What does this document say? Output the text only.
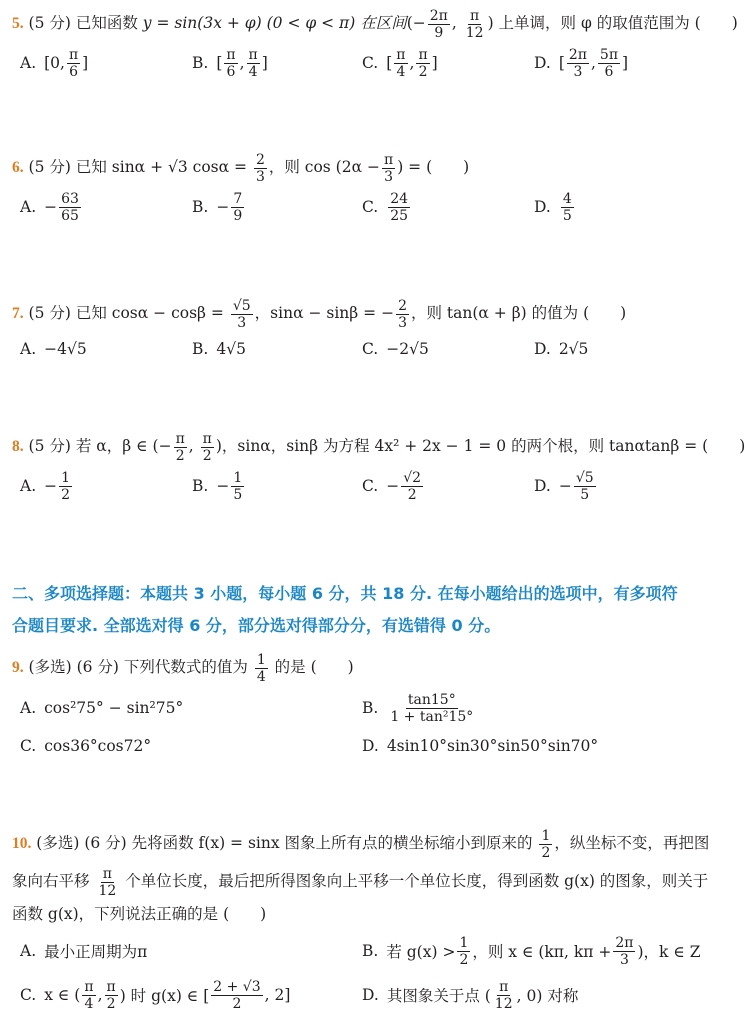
5. (5 分) 已知函数 y = sin(3x + φ) (0 < φ < π) 在区间(− $\frac{2\pi}{9}$ , $\frac{\pi}{12}$ ) 上单调，则 φ 的取值范围为 (　　)
A. [0, $\frac{\pi}{6}$ ]	B. [ $\frac{\pi}{6}$ , $\frac{\pi}{4}$ ]	C. [ $\frac{\pi}{4}$ , $\frac{\pi}{2}$ ]	D. [ $\frac{2\pi}{3}$ , $\frac{5\pi}{6}$ ]
6. (5 分) 已知 sinα + √3 $\cos\alpha = \frac{2}{3}$ ，则 $\cos (2\alpha - \frac{\pi}{3}$ ) = (　　)
A. − $\frac{63}{65}$	B. − $\frac{7}{9}$	C. $\frac{24}{25}$	D. $\frac{4}{5}$
7. (5 分) 已知 $\cos\alpha - \cos\beta = \frac{√5}{3}$ ，sinα − sinβ = − $\frac{2}{3}$ ，则 tan(α + β) 的值为 (　　)
A. −4√5	B. 4√5	C. −2√5	D. 2√5
8. (5 分) 若 α，β ∈ (− $\frac{\pi}{2}$ , $\frac{\pi}{2}$ )，sinα，sinβ 为方程 4x² + 2x − 1 = 0 的两个根，则 tanαtanβ = (　　)
A. − $\frac{1}{2}$	B. − $\frac{1}{5}$	C. − $\frac{√2}{2}$	D. − $\frac{√5}{5}$
二、多项选择题：本题共 3 小题，每小题 6 分，共 18 分. 在每小题给出的选项中，有多项符
合题目要求. 全部选对得 6 分，部分选对得部分分，有选错得 0 分。
9. (多选) (6 分) 下列代数式的值为 $\frac{1}{4}$ 的是 (　　)
A. cos²75° − sin²75°	B. $\frac{\tan 15^\circ}{\text{1 + tan²15°}}$
C. cos36°cos72°	D. 4sin10°sin30°sin50°sin70°
10. (多选) (6 分) 先将函数 f(x) = sinx 图象上所有点的横坐标缩小到原来的 $\frac{1}{2}$ ，纵坐标不变，再把图
象向右平移 $\frac{\pi}{12}$ 个单位长度，最后把所得图象向上平移一个单位长度，得到函数 g(x) 的图象，则关于
函数 g(x)，下列说法正确的是 (　　)
A. 最小正周期为π	B. 若 $g(x) > \frac{1}{2}$ ，则 x ∈ (kπ, $k\pi + \frac{2\pi}{3}$ )，k ∈ Z
C. x ∈ ( $\frac{\pi}{4}$ , $\frac{\pi}{2}$ ) 时 g(x) ∈ [ $\frac{2 + √3}{2}$ , 2]	D. 其图象关于点 ( $\frac{\pi}{12}$ , 0) 对称
